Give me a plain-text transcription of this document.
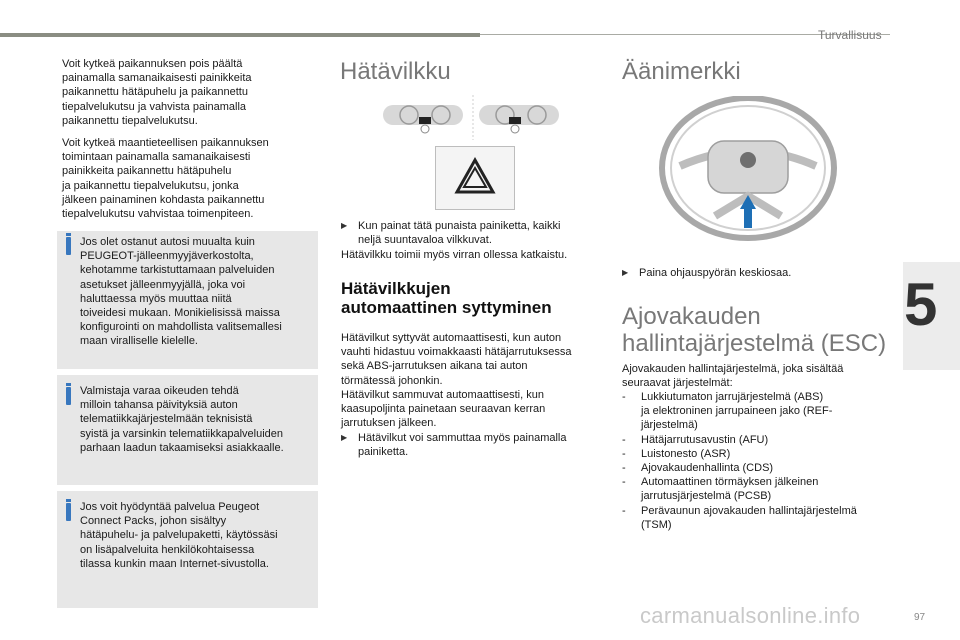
Turvallisuus
5
97
carmanualsonline.info
Voit kytkeä paikannuksen pois päältä
painamalla samanaikaisesti painikkeita
paikannettu hätäpuhelu ja paikannettu
tiepalvelukutsu ja vahvista painamalla
paikannettu tiepalvelukutsu.
Voit kytkeä maantieteellisen paikannuksen
toimintaan painamalla samanaikaisesti
painikkeita paikannettu hätäpuhelu
ja paikannettu tiepalvelukutsu, jonka
jälkeen painaminen kohdasta paikannettu
tiepalvelukutsu vahvistaa toimenpiteen.
Jos olet ostanut autosi muualta kuin
PEUGEOT-jälleenmyyjäverkostolta,
kehotamme tarkistuttamaan palveluiden
asetukset jälleenmyyjällä, joka voi
haluttaessa myös muuttaa niitä
toiveidesi mukaan. Monikielisissä maissa
konfigurointi on mahdollista valitsemallesi
maan viralliselle kielelle.
Valmistaja varaa oikeuden tehdä
milloin tahansa päivityksiä auton
telematiikkajärjestelmään teknisistä
syistä ja varsinkin telematiikkapalveluiden
parhaan laadun takaamiseksi asiakkaalle.
Jos voit hyödyntää palvelua Peugeot
Connect Packs, johon sisältyy
hätäpuhelu- ja palvelupaketti, käytössäsi
on lisäpalveluita henkilökohtaisessa
tilassa kunkin maan Internet-sivustolla.
Hätävilkku
▶ Kun painat tätä punaista painiketta, kaikki
neljä suuntavaloa vilkkuvat.
Hätävilkku toimii myös virran ollessa katkaistu.
Hätävilkkujen
automaattinen syttyminen
Hätävilkut syttyvät automaattisesti, kun auton
vauhti hidastuu voimakkaasti hätäjarrutuksessa
sekä ABS-jarrutuksen aikana tai auton
törmätessä johonkin.
Hätävilkut sammuvat automaattisesti, kun
kaasupoljinta painetaan seuraavan kerran
jarrutuksen jälkeen.
▶ Hätävilkut voi sammuttaa myös painamalla
painiketta.
Äänimerkki
▶ Paina ohjauspyörän keskiosaa.
Ajovakauden
hallintajärjestelmä (ESC)
Ajovakauden hallintajärjestelmä, joka sisältää
seuraavat järjestelmät:
- Lukkiutumaton jarrujärjestelmä (ABS)
ja elektroninen jarrupaineen jako (REF-
järjestelmä)
- Hätäjarrutusavustin (AFU)
- Luistonesto (ASR)
- Ajovakaudenhallinta (CDS)
- Automaattinen törmäyksen jälkeinen
jarrutusjärjestelmä (PCSB)
- Perävaunun ajovakauden hallintajärjestelmä
(TSM)
